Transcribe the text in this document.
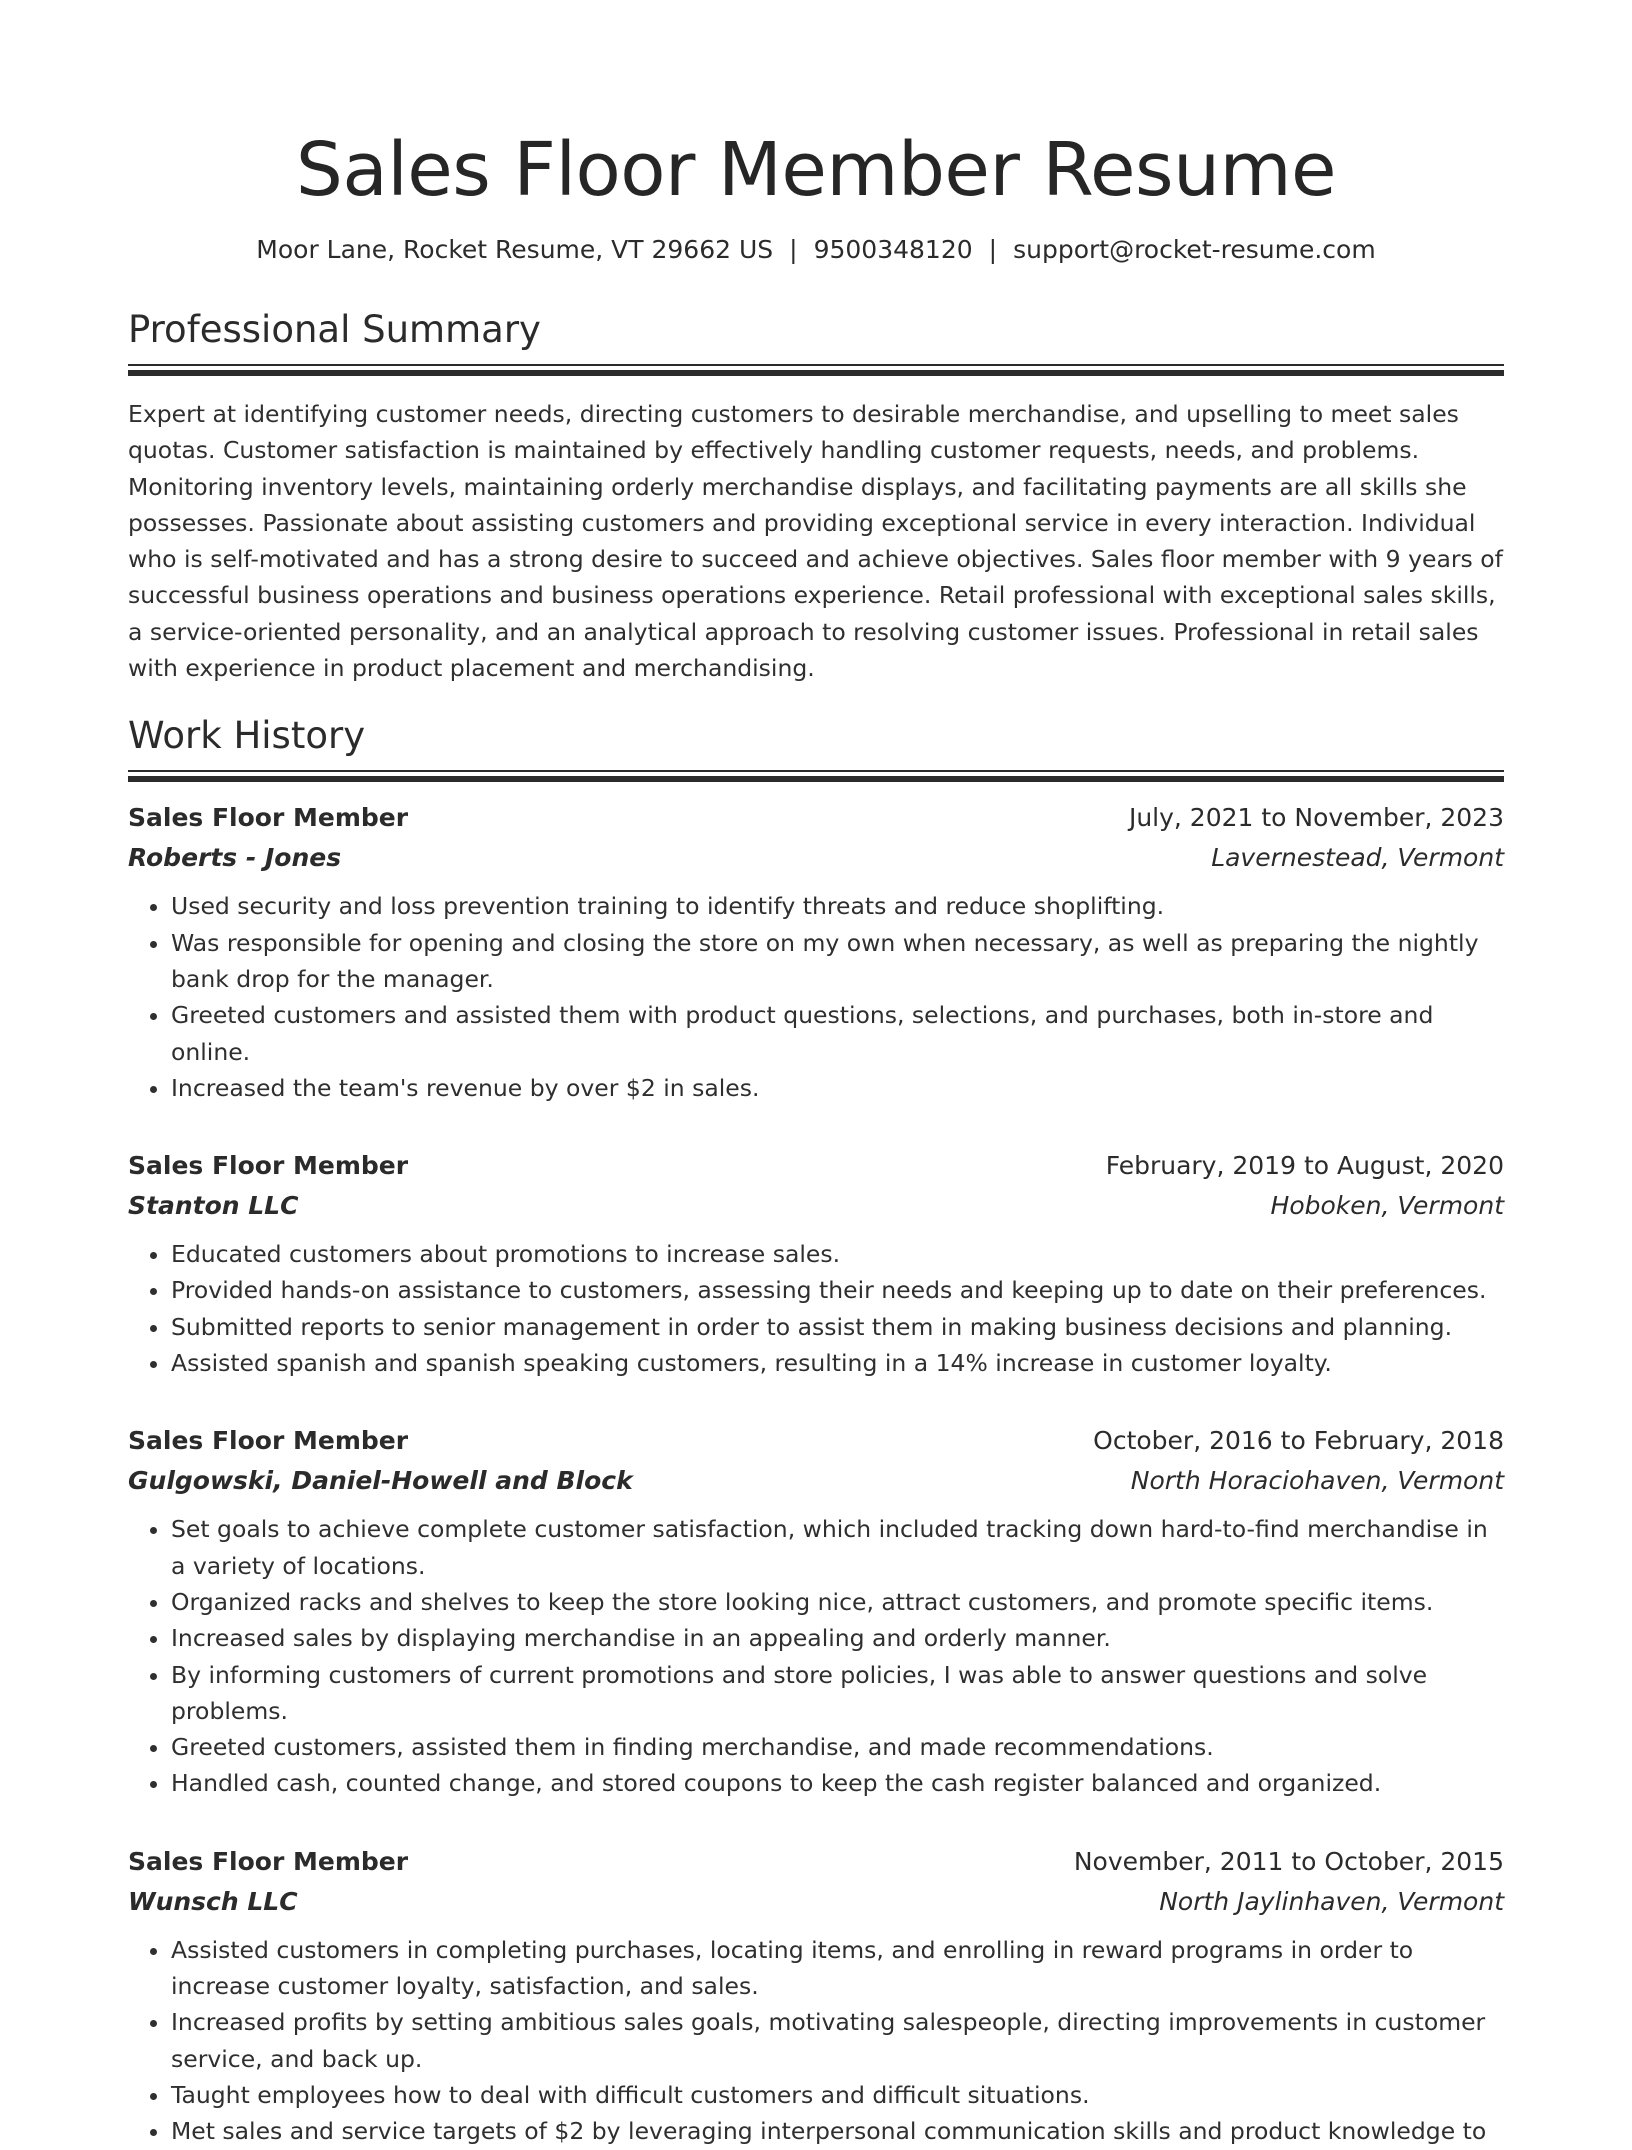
Sales Floor Member Resume
Moor Lane, Rocket Resume, VT 29662 US | 9500348120 | support@rocket-resume.com
Professional Summary

Expert at identifying customer needs, directing customers to desirable merchandise, and upselling to meet sales quotas. Customer satisfaction is maintained by effectively handling customer requests, needs, and problems. Monitoring inventory levels, maintaining orderly merchandise displays, and facilitating payments are all skills she possesses. Passionate about assisting customers and providing exceptional service in every interaction. Individual who is self-motivated and has a strong desire to succeed and achieve objectives. Sales floor member with 9 years of successful business operations and business operations experience. Retail professional with exceptional sales skills, a service-oriented personality, and an analytical approach to resolving customer issues. Professional in retail sales with experience in product placement and merchandising.

Work History
Sales Floor Member	July, 2021 to November, 2023
Roberts - Jones	Lavernestead, Vermont
• Used security and loss prevention training to identify threats and reduce shoplifting.
• Was responsible for opening and closing the store on my own when necessary, as well as preparing the nightly bank drop for the manager.
• Greeted customers and assisted them with product questions, selections, and purchases, both in-store and online.
• Increased the team's revenue by over $2 in sales.
Sales Floor Member	February, 2019 to August, 2020
Stanton LLC	Hoboken, Vermont
• Educated customers about promotions to increase sales.
• Provided hands-on assistance to customers, assessing their needs and keeping up to date on their preferences.
• Submitted reports to senior management in order to assist them in making business decisions and planning.
• Assisted spanish and spanish speaking customers, resulting in a 14% increase in customer loyalty.
Sales Floor Member	October, 2016 to February, 2018
Gulgowski, Daniel-Howell and Block	North Horaciohaven, Vermont
• Set goals to achieve complete customer satisfaction, which included tracking down hard-to-find merchandise in a variety of locations.
• Organized racks and shelves to keep the store looking nice, attract customers, and promote specific items.
• Increased sales by displaying merchandise in an appealing and orderly manner.
• By informing customers of current promotions and store policies, I was able to answer questions and solve problems.
• Greeted customers, assisted them in finding merchandise, and made recommendations.
• Handled cash, counted change, and stored coupons to keep the cash register balanced and organized.
Sales Floor Member	November, 2011 to October, 2015
Wunsch LLC	North Jaylinhaven, Vermont
• Assisted customers in completing purchases, locating items, and enrolling in reward programs in order to increase customer loyalty, satisfaction, and sales.
• Increased profits by setting ambitious sales goals, motivating salespeople, directing improvements in customer service, and back up.
• Taught employees how to deal with difficult customers and difficult situations.
• Met sales and service targets of $2 by leveraging interpersonal communication skills and product knowledge to
